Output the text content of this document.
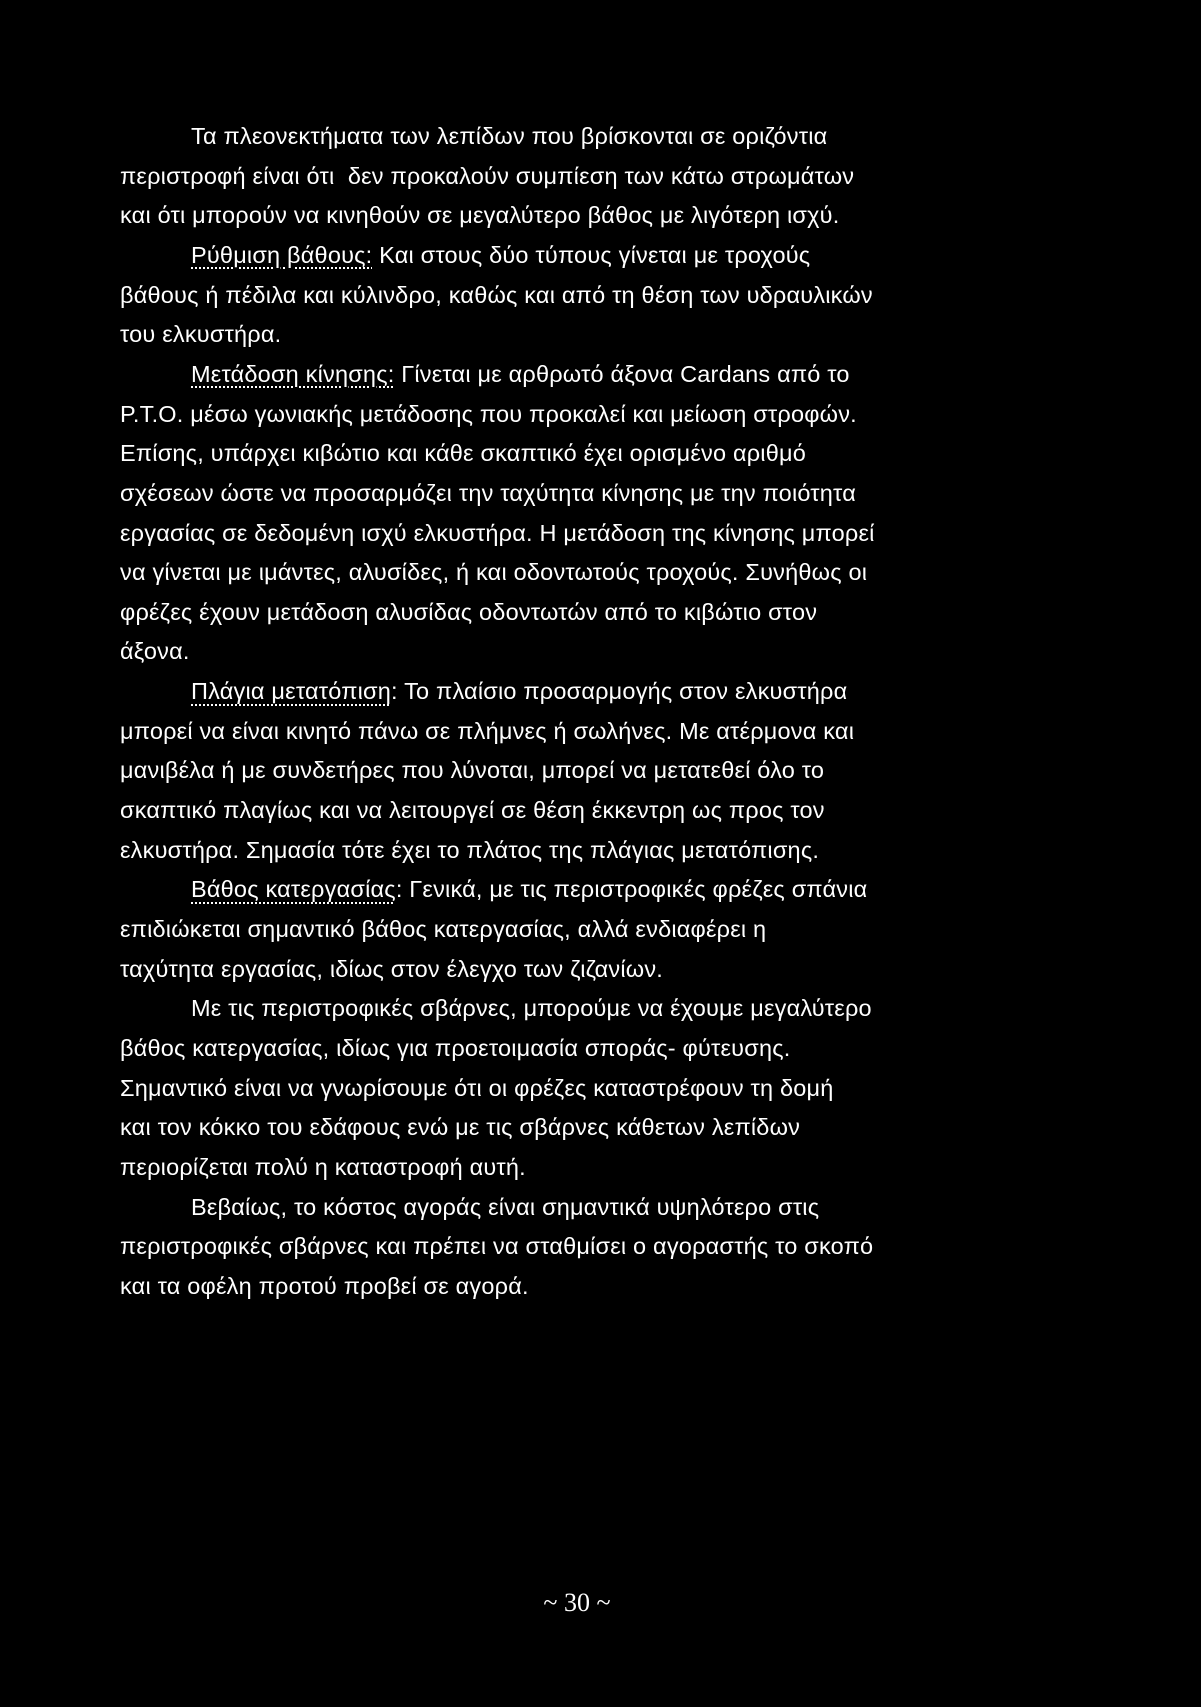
Τα πλεονεκτήματα των λεπίδων που βρίσκονται σε οριζόντια
περιστροφή είναι ότι  δεν προκαλούν συμπίεση των κάτω στρωμάτων
και ότι μπορούν να κινηθούν σε μεγαλύτερο βάθος με λιγότερη ισχύ.
Ρύθμιση βάθους: Και στους δύο τύπους γίνεται με τροχούς
βάθους ή πέδιλα και κύλινδρο, καθώς και από τη θέση των υδραυλικών
του ελκυστήρα.
Μετάδοση κίνησης: Γίνεται με αρθρωτό άξονα Cardans από το
Ρ.Τ.Ο. μέσω γωνιακής μετάδοσης που προκαλεί και μείωση στροφών.
Επίσης, υπάρχει κιβώτιο και κάθε σκαπτικό έχει ορισμένο αριθμό
σχέσεων ώστε να προσαρμόζει την ταχύτητα κίνησης με την ποιότητα
εργασίας σε δεδομένη ισχύ ελκυστήρα. Η μετάδοση της κίνησης μπορεί
να γίνεται με ιμάντες, αλυσίδες, ή και οδοντωτούς τροχούς. Συνήθως οι
φρέζες έχουν μετάδοση αλυσίδας οδοντωτών από το κιβώτιο στον
άξονα.
Πλάγια μετατόπιση: Το πλαίσιο προσαρμογής στον ελκυστήρα
μπορεί να είναι κινητό πάνω σε πλήμνες ή σωλήνες. Με ατέρμονα και
μανιβέλα ή με συνδετήρες που λύνοται, μπορεί να μετατεθεί όλο το
σκαπτικό πλαγίως και να λειτουργεί σε θέση έκκεντρη ως προς τον
ελκυστήρα. Σημασία τότε έχει το πλάτος της πλάγιας μετατόπισης.
Βάθος κατεργασίας: Γενικά, με τις περιστροφικές φρέζες σπάνια
επιδιώκεται σημαντικό βάθος κατεργασίας, αλλά ενδιαφέρει η
ταχύτητα εργασίας, ιδίως στον έλεγχο των ζιζανίων.
Με τις περιστροφικές σβάρνες, μπορούμε να έχουμε μεγαλύτερο
βάθος κατεργασίας, ιδίως για προετοιμασία σποράς- φύτευσης.
Σημαντικό είναι να γνωρίσουμε ότι οι φρέζες καταστρέφουν τη δομή
και τον κόκκο του εδάφους ενώ με τις σβάρνες κάθετων λεπίδων
περιορίζεται πολύ η καταστροφή αυτή.
Βεβαίως, το κόστος αγοράς είναι σημαντικά υψηλότερο στις
περιστροφικές σβάρνες και πρέπει να σταθμίσει ο αγοραστής το σκοπό
και τα οφέλη προτού προβεί σε αγορά.
~ 30 ~
